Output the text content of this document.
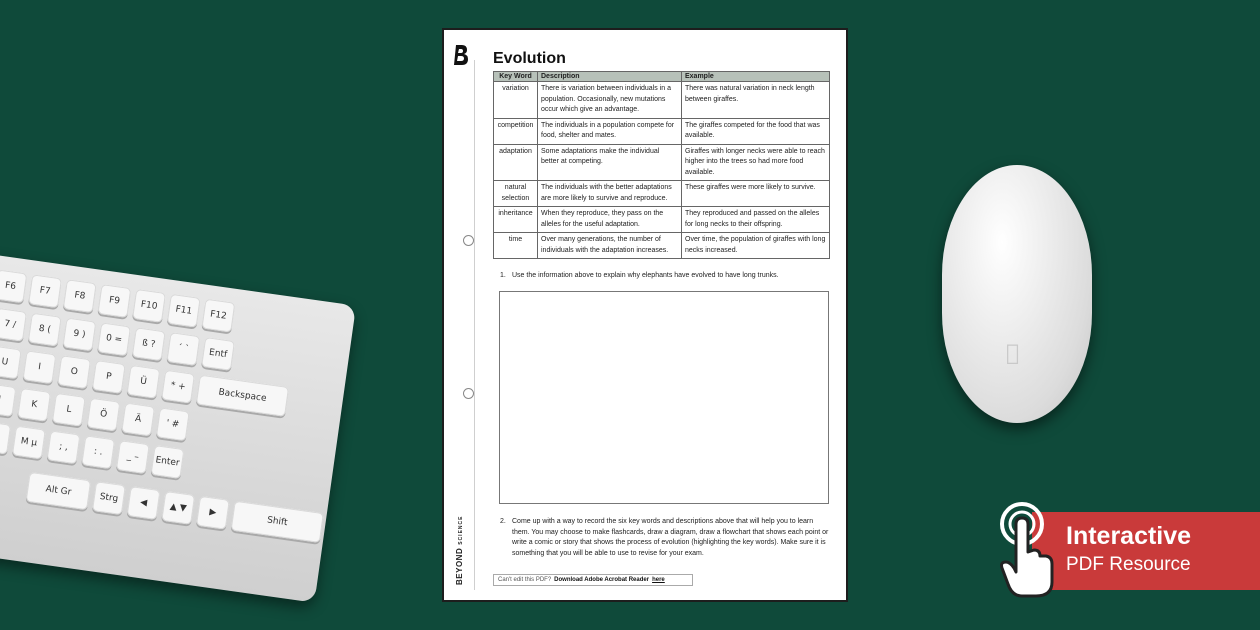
F6	F7	F8	F9	F10	F11	F12
7 /	8 (	9 )	0 =	ß ?	´ `	Entf
U	I	O	P	Ü	* +
Backspace
K	L	Ö	Ä	' #
M µ	; ,	: .	_ –	Enter
Alt Gr
Strg	◀	▲ ▼	▶
Shift
BEYONDSCIENCE
Evolution
Key Word	Description	Example
variation	There is variation between individuals in a population. Occasionally, new mutations occur which give an advantage.	There was natural variation in neck length between giraffes.
competition	The individuals in a population compete for food, shelter and mates.	The giraffes competed for the food that was available.
adaptation	Some adaptations make the individual better at competing.	Giraffes with longer necks were able to reach higher into the trees so had more food available.
natural selection	The individuals with the better adaptations are more likely to survive and reproduce.	These giraffes were more likely to survive.
inheritance	When they reproduce, they pass on the alleles for the useful adaptation.	They reproduced and passed on the alleles for long necks to their offspring.
time	Over many generations, the number of individuals with the adaptation increases.	Over time, the population of giraffes with long necks increased.
1. Use the information above to explain why elephants have evolved to have long trunks.
2. Come up with a way to record the six key words and descriptions above that will help you to learn them. You may choose to make flashcards, draw a diagram, draw a flowchart that shows each point or write a comic or story that shows the process of evolution (highlighting the key words). Make sure it is something that you will be able to use to revise for your exam.
Can't edit this PDF? Download Adobe Acrobat Reader here
Interactive
PDF Resource
